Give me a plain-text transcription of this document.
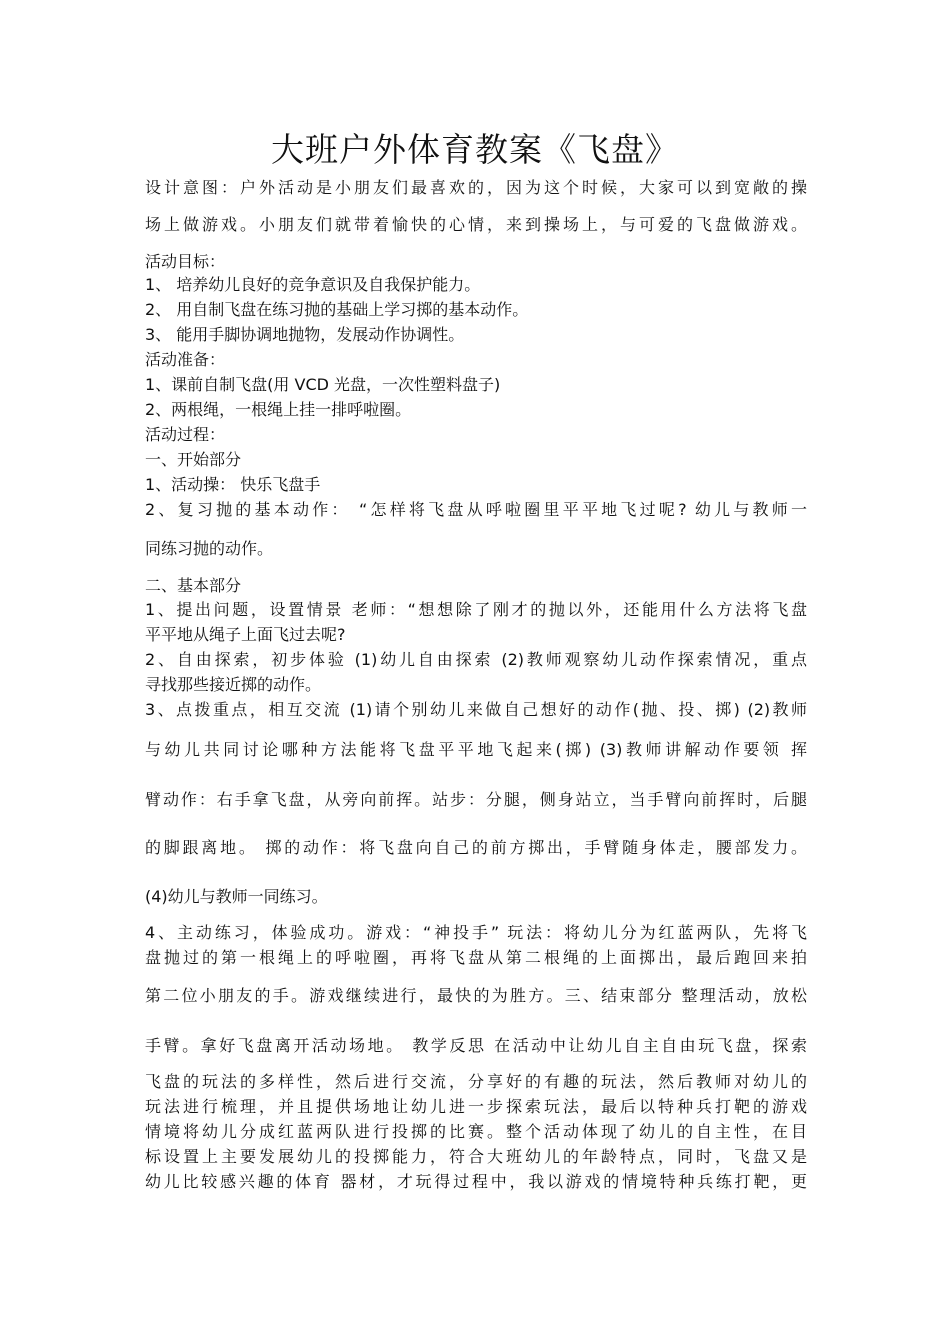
大班户外体育教案《飞盘》
设计意图：户外活动是小朋友们最喜欢的，因为这个时候，大家可以到宽敞的操
场上做游戏。小朋友们就带着愉快的心情，来到操场上，与可爱的飞盘做游戏。
活动目标：
1、 培养幼儿良好的竞争意识及自我保护能力。
2、 用自制飞盘在练习抛的基础上学习掷的基本动作。
3、 能用手脚协调地抛物，发展动作协调性。
活动准备：
1、课前自制飞盘(用 VCD 光盘，一次性塑料盘子)
2、两根绳，一根绳上挂一排呼啦圈。
活动过程：
一、开始部分
1、活动操： 快乐飞盘手
2、复习抛的基本动作： “怎样将飞盘从呼啦圈里平平地飞过呢? 幼儿与教师一
同练习抛的动作。
二、基本部分
1、提出问题，设置情景 老师：“想想除了刚才的抛以外，还能用什么方法将飞盘
平平地从绳子上面飞过去呢?
2、自由探索，初步体验 (1)幼儿自由探索 (2)教师观察幼儿动作探索情况，重点
寻找那些接近掷的动作。
3、点拨重点，相互交流 (1)请个别幼儿来做自己想好的动作(抛、投、掷) (2)教师
与幼儿共同讨论哪种方法能将飞盘平平地飞起来(掷) (3)教师讲解动作要领 挥
臂动作：右手拿飞盘，从旁向前挥。站步：分腿，侧身站立，当手臂向前挥时，后腿
的脚跟离地。 掷的动作：将飞盘向自己的前方掷出，手臂随身体走，腰部发力。
(4)幼儿与教师一同练习。
4、主动练习，体验成功。游戏：“神投手” 玩法：将幼儿分为红蓝两队，先将飞
盘抛过的第一根绳上的呼啦圈，再将飞盘从第二根绳的上面掷出，最后跑回来拍
第二位小朋友的手。游戏继续进行，最快的为胜方。三、结束部分 整理活动，放松
手臂。拿好飞盘离开活动场地。 教学反思 在活动中让幼儿自主自由玩飞盘，探索
飞盘的玩法的多样性，然后进行交流，分享好的有趣的玩法，然后教师对幼儿的
玩法进行梳理，并且提供场地让幼儿进一步探索玩法，最后以特种兵打靶的游戏
情境将幼儿分成红蓝两队进行投掷的比赛。整个活动体现了幼儿的自主性，在目
标设置上主要发展幼儿的投掷能力，符合大班幼儿的年龄特点，同时，飞盘又是
幼儿比较感兴趣的体育 器材，才玩得过程中，我以游戏的情境特种兵练打靶，更
